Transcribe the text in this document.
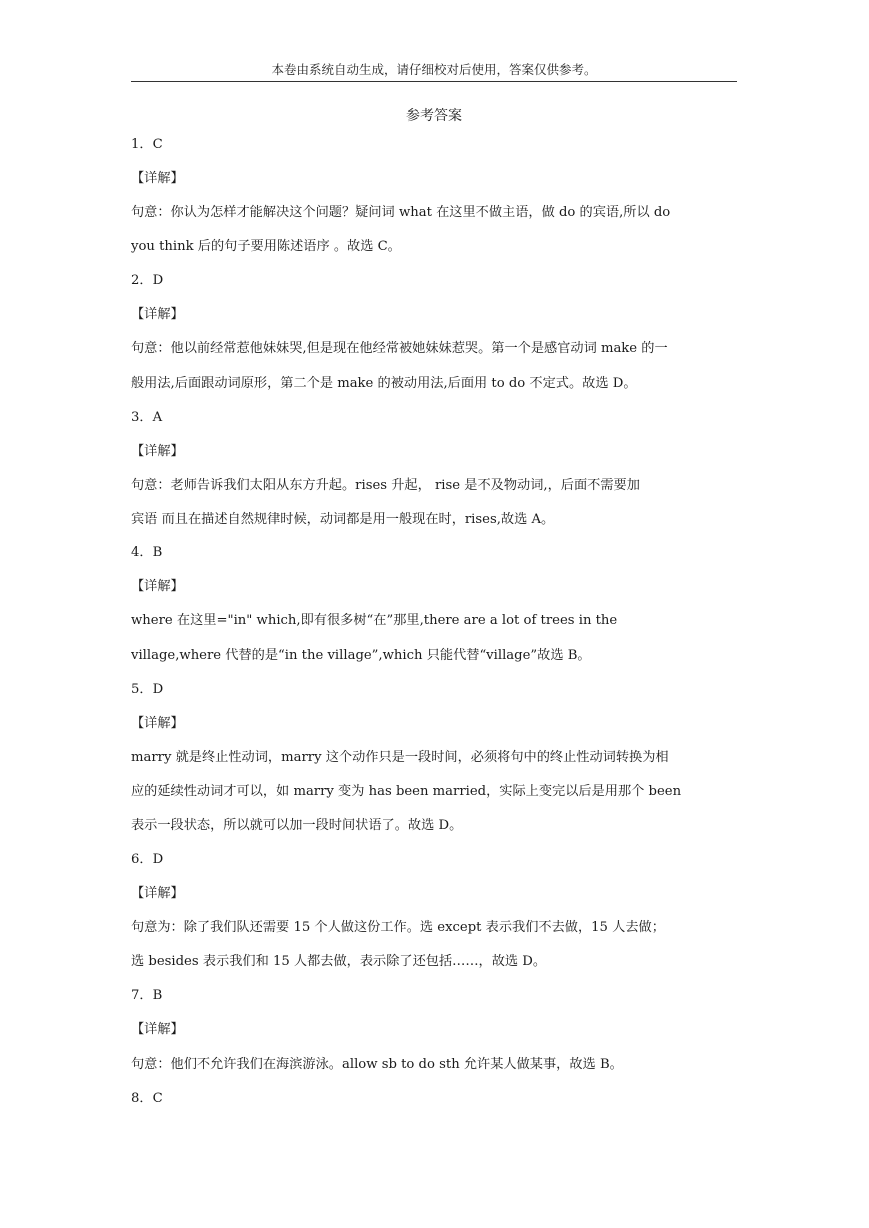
本卷由系统自动生成，请仔细校对后使用，答案仅供参考。
参考答案
1．C
【详解】
句意：你认为怎样才能解决这个问题？疑问词 what 在这里不做主语，做 do 的宾语,所以 do
you think 后的句子要用陈述语序 。故选 C。
2．D
【详解】
句意：他以前经常惹他妹妹哭,但是现在他经常被她妹妹惹哭。第一个是感官动词 make 的一
般用法,后面跟动词原形，第二个是 make 的被动用法,后面用 to do 不定式。故选 D。
3．A
【详解】
句意：老师告诉我们太阳从东方升起。rises 升起， rise 是不及物动词,，后面不需要加
宾语 而且在描述自然规律时候，动词都是用一般现在时，rises,故选 A。
4．B
【详解】
where 在这里="in" which,即有很多树“在”那里,there are a lot of trees in the
village,where 代替的是“in the village”,which 只能代替“village”故选 B。
5．D
【详解】
marry 就是终止性动词，marry 这个动作只是一段时间，必须将句中的终止性动词转换为相
应的延续性动词才可以，如 marry 变为 has been married，实际上变完以后是用那个 been
表示一段状态，所以就可以加一段时间状语了。故选 D。
6．D
【详解】
句意为：除了我们队还需要 15 个人做这份工作。选 except 表示我们不去做，15 人去做；
选 besides 表示我们和 15 人都去做，表示除了还包括……，故选 D。
7．B
【详解】
句意：他们不允许我们在海滨游泳。allow sb to do sth 允许某人做某事，故选 B。
8．C
